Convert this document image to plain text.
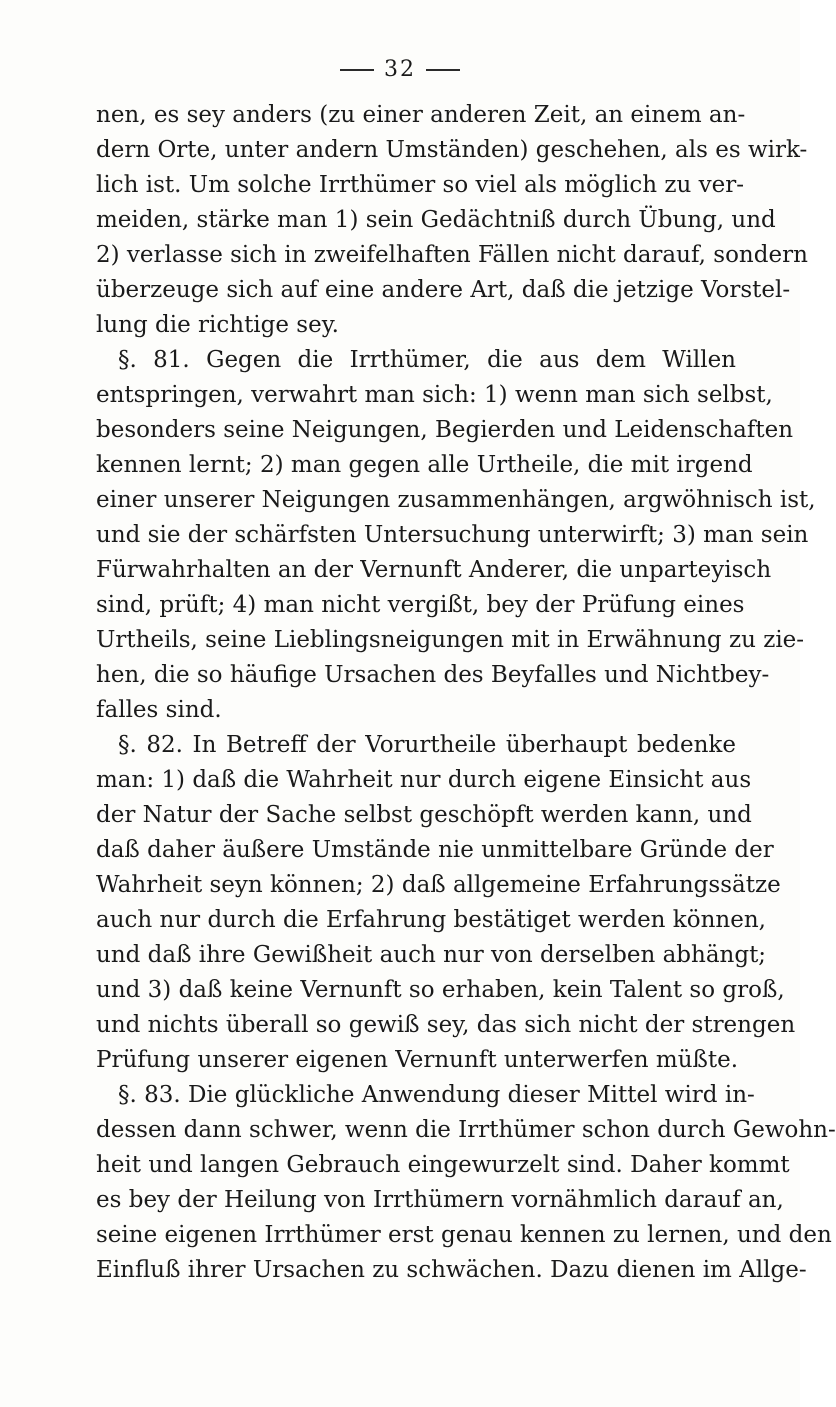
32
nen, es sey anders (zu einer anderen Zeit, an einem an-
dern Orte, unter andern Umständen) geschehen, als es wirk-
lich ist. Um solche Irrthümer so viel als möglich zu ver-
meiden, stärke man 1) sein Gedächtniß durch Übung, und
2) verlasse sich in zweifelhaften Fällen nicht darauf, sondern
überzeuge sich auf eine andere Art, daß die jetzige Vorstel-
lung die richtige sey.
§. 81. Gegen die Irrthümer, die aus dem Willen
entspringen, verwahrt man sich: 1) wenn man sich selbst,
besonders seine Neigungen, Begierden und Leidenschaften
kennen lernt; 2) man gegen alle Urtheile, die mit irgend
einer unserer Neigungen zusammenhängen, argwöhnisch ist,
und sie der schärfsten Untersuchung unterwirft; 3) man sein
Fürwahrhalten an der Vernunft Anderer, die unparteyisch
sind, prüft; 4) man nicht vergißt, bey der Prüfung eines
Urtheils, seine Lieblingsneigungen mit in Erwähnung zu zie-
hen, die so häufige Ursachen des Beyfalles und Nichtbey-
falles sind.
§. 82. In Betreff der Vorurtheile überhaupt bedenke
man: 1) daß die Wahrheit nur durch eigene Einsicht aus
der Natur der Sache selbst geschöpft werden kann, und
daß daher äußere Umstände nie unmittelbare Gründe der
Wahrheit seyn können; 2) daß allgemeine Erfahrungssätze
auch nur durch die Erfahrung bestätiget werden können,
und daß ihre Gewißheit auch nur von derselben abhängt;
und 3) daß keine Vernunft so erhaben, kein Talent so groß,
und nichts überall so gewiß sey, das sich nicht der strengen
Prüfung unserer eigenen Vernunft unterwerfen müßte.
§. 83. Die glückliche Anwendung dieser Mittel wird in-
dessen dann schwer, wenn die Irrthümer schon durch Gewohn-
heit und langen Gebrauch eingewurzelt sind. Daher kommt
es bey der Heilung von Irrthümern vornähmlich darauf an,
seine eigenen Irrthümer erst genau kennen zu lernen, und den
Einfluß ihrer Ursachen zu schwächen. Dazu dienen im Allge-
